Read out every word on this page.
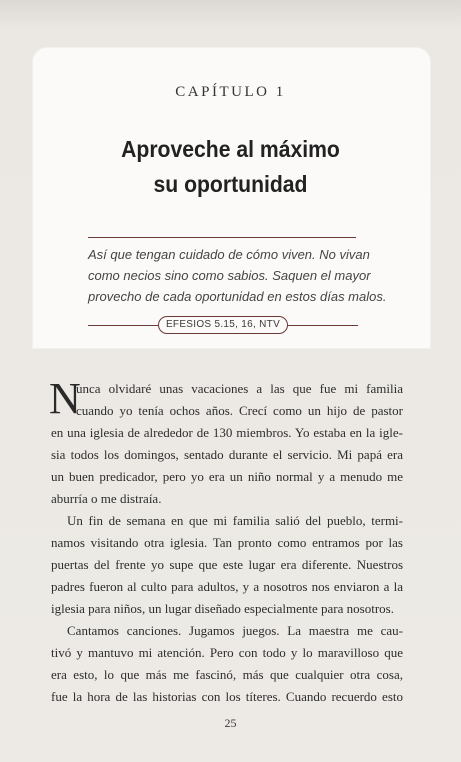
CAPÍTULO 1
Aproveche al máximo
su oportunidad
Así que tengan cuidado de cómo viven. No vivan
como necios sino como sabios. Saquen el mayor
provecho de cada oportunidad en estos días malos.
EFESIOS 5.15, 16, NTV
N
unca olvidaré unas vacaciones a las que fue mi familia
cuando yo tenía ochos años. Crecí como un hijo de pastor
en una iglesia de alrededor de 130 miembros. Yo estaba en la igle-
sia todos los domingos, sentado durante el servicio. Mi papá era
un buen predicador, pero yo era un niño normal y a menudo me
aburría o me distraía.
Un fin de semana en que mi familia salió del pueblo, termi-
namos visitando otra iglesia. Tan pronto como entramos por las
puertas del frente yo supe que este lugar era diferente. Nuestros
padres fueron al culto para adultos, y a nosotros nos enviaron a la
iglesia para niños, un lugar diseñado especialmente para nosotros.
Cantamos canciones. Jugamos juegos. La maestra me cau-
tivó y mantuvo mi atención. Pero con todo y lo maravilloso que
era esto, lo que más me fascinó, más que cualquier otra cosa,
fue la hora de las historias con los títeres. Cuando recuerdo esto
25
